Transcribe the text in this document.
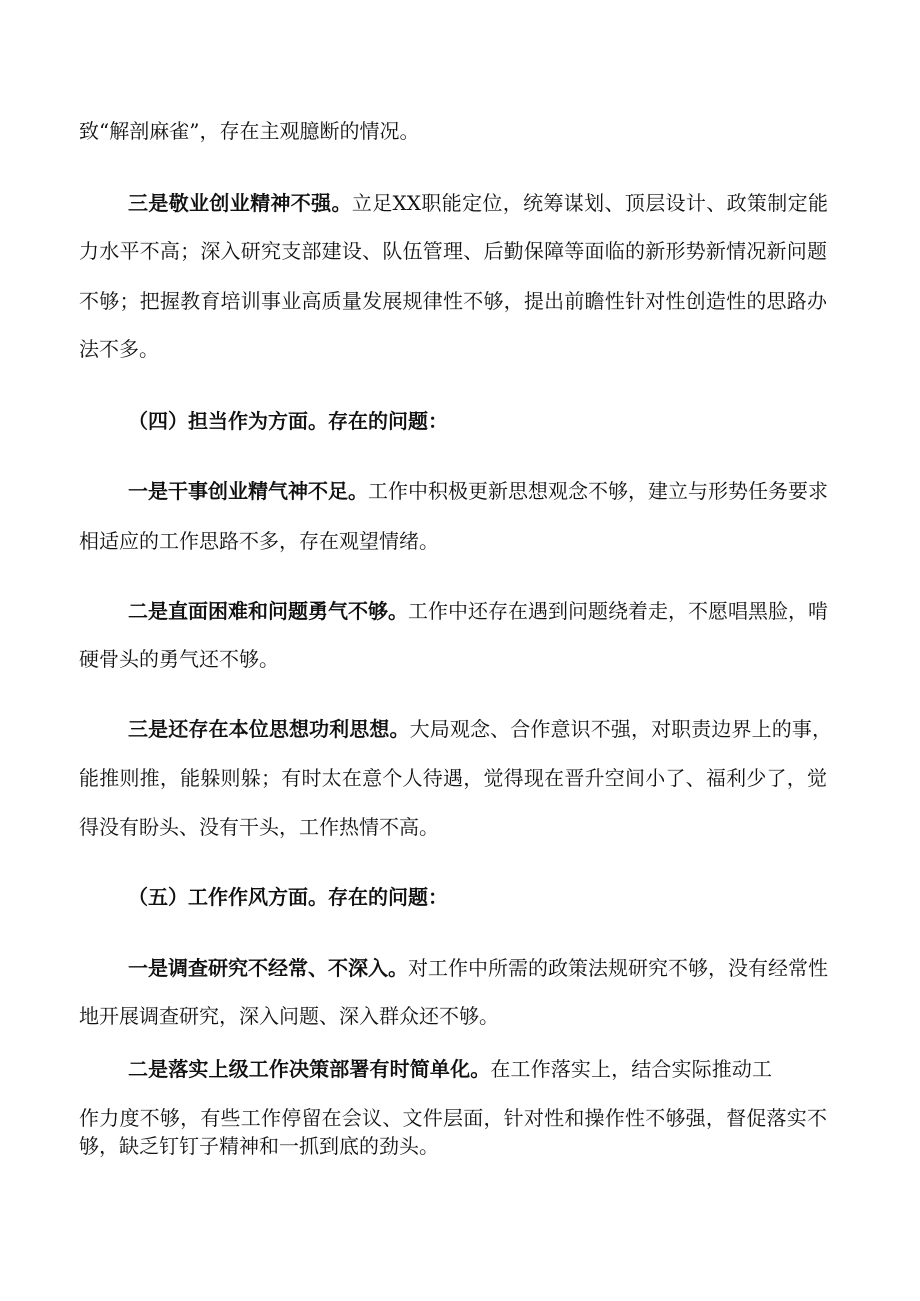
致“解剖麻雀”，存在主观臆断的情况。
三是敬业创业精神不强。立足XX职能定位，统筹谋划、顶层设计、政策制定能
力水平不高；深入研究支部建设、队伍管理、后勤保障等面临的新形势新情况新问题
不够；把握教育培训事业高质量发展规律性不够，提出前瞻性针对性创造性的思路办
法不多。
（四）担当作为方面。存在的问题：
一是干事创业精气神不足。工作中积极更新思想观念不够，建立与形势任务要求
相适应的工作思路不多，存在观望情绪。
二是直面困难和问题勇气不够。工作中还存在遇到问题绕着走，不愿唱黑脸，啃
硬骨头的勇气还不够。
三是还存在本位思想功利思想。大局观念、合作意识不强，对职责边界上的事，
能推则推，能躲则躲；有时太在意个人待遇，觉得现在晋升空间小了、福利少了，觉
得没有盼头、没有干头，工作热情不高。
（五）工作作风方面。存在的问题：
一是调查研究不经常、不深入。对工作中所需的政策法规研究不够，没有经常性
地开展调查研究，深入问题、深入群众还不够。
二是落实上级工作决策部署有时简单化。在工作落实上，结合实际推动工
作力度不够，有些工作停留在会议、文件层面，针对性和操作性不够强，督促落实不
够，缺乏钉钉子精神和一抓到底的劲头。
